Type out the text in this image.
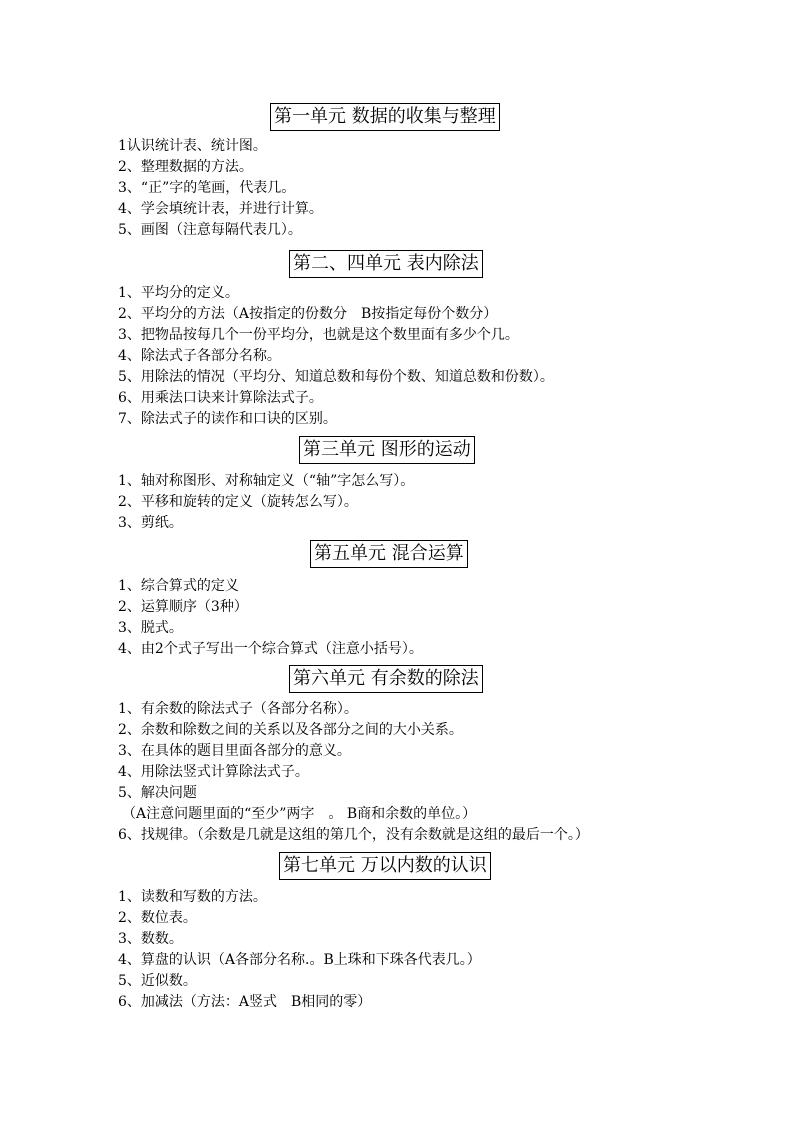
第一单元 数据的收集与整理
1认识统计表、统计图。
2、整理数据的方法。
3、“正”字的笔画，代表几。
4、学会填统计表，并进行计算。
5、画图（注意每隔代表几）。
第二、四单元 表内除法
1、平均分的定义。
2、平均分的方法（A按指定的份数分　B按指定每份个数分）
3、把物品按每几个一份平均分，也就是这个数里面有多少个几。
4、除法式子各部分名称。
5、用除法的情况（平均分、知道总数和每份个数、知道总数和份数）。
6、用乘法口诀来计算除法式子。
7、除法式子的读作和口诀的区别。
第三单元 图形的运动
1、轴对称图形、对称轴定义（“轴”字怎么写）。
2、平移和旋转的定义（旋转怎么写）。
3、剪纸。
第五单元 混合运算
1、综合算式的定义
2、运算顺序（3种）
3、脱式。
4、由2个式子写出一个综合算式（注意小括号）。
第六单元 有余数的除法
1、有余数的除法式子（各部分名称）。
2、余数和除数之间的关系以及各部分之间的大小关系。
3、在具体的题目里面各部分的意义。
4、用除法竖式计算除法式子。
5、解决问题
（A注意问题里面的“至少”两字　。 B商和余数的单位。）
6、找规律。（余数是几就是这组的第几个，没有余数就是这组的最后一个。）
第七单元 万以内数的认识
1、读数和写数的方法。
2、数位表。
3、数数。
4、算盘的认识（A各部分名称.。B上珠和下珠各代表几。）
5、近似数。
6、加减法（方法：A竖式　B相同的零）
